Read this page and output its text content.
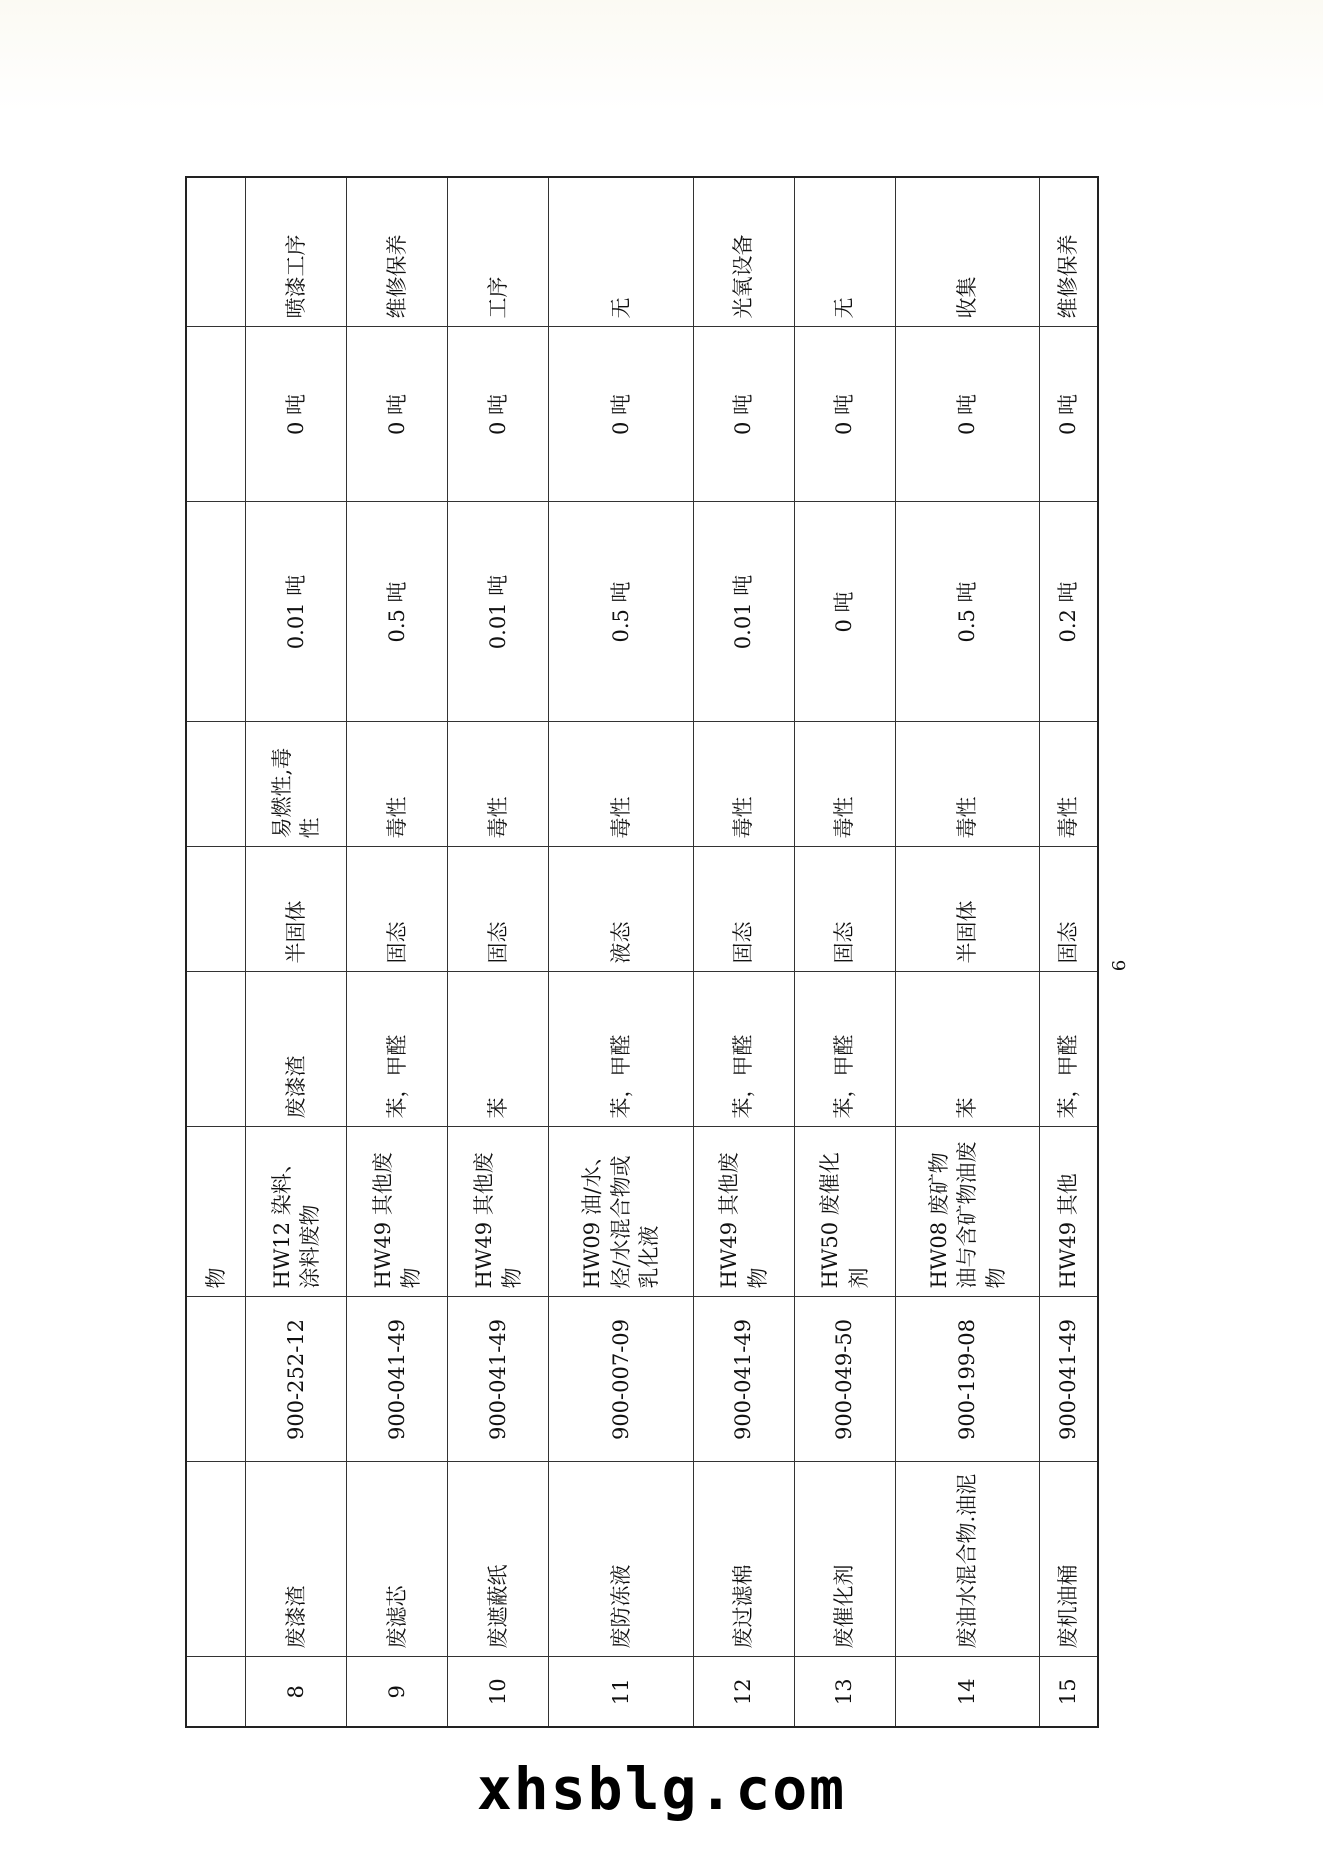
			物						
8	废漆渣	900-252-12	HW12 染料、涂料废物	废漆渣	半固体	易燃性,毒性	0.01 吨	0 吨	喷漆工序
9	废滤芯	900-041-49	HW49 其他废物	苯，甲醛	固态	毒性	0.5 吨	0 吨	维修保养
10	废遮蔽纸	900-041-49	HW49 其他废物	苯	固态	毒性	0.01 吨	0 吨	工序
11	废防冻液	900-007-09	HW09 油/水、烃/水混合物或乳化液	苯，甲醛	液态	毒性	0.5 吨	0 吨	无
12	废过滤棉	900-041-49	HW49 其他废物	苯，甲醛	固态	毒性	0.01 吨	0 吨	光氧设备
13	废催化剂	900-049-50	HW50 废催化剂	苯，甲醛	固态	毒性	0 吨	0 吨	无
14	废油水混合物.油泥	900-199-08	HW08 废矿物油与含矿物油废物	苯	半固体	毒性	0.5 吨	0 吨	收集
15	废机油桶	900-041-49	HW49 其他	苯，甲醛	固态	毒性	0.2 吨	0 吨	维修保养
6
xhsblg.com
